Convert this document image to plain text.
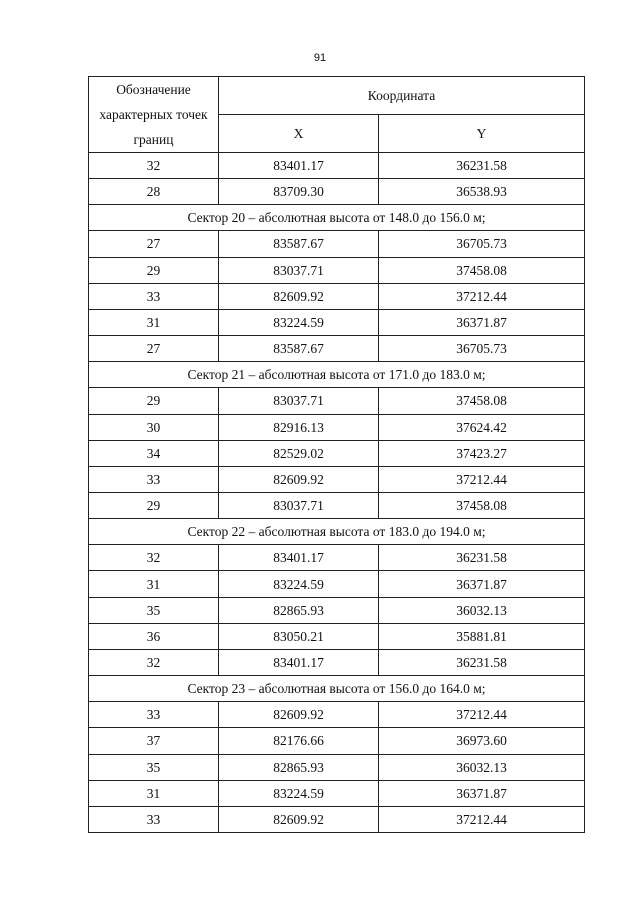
91
Обозначение характерных точек границ	Координата	
	X	Y
32	83401.17	36231.58
28	83709.30	36538.93
Сектор 20 – абсолютная высота от 148.0 до 156.0 м;		
27	83587.67	36705.73
29	83037.71	37458.08
33	82609.92	37212.44
31	83224.59	36371.87
27	83587.67	36705.73
Сектор 21 – абсолютная высота от 171.0 до 183.0 м;		
29	83037.71	37458.08
30	82916.13	37624.42
34	82529.02	37423.27
33	82609.92	37212.44
29	83037.71	37458.08
Сектор 22 – абсолютная высота от 183.0 до 194.0 м;		
32	83401.17	36231.58
31	83224.59	36371.87
35	82865.93	36032.13
36	83050.21	35881.81
32	83401.17	36231.58
Сектор 23 – абсолютная высота от 156.0 до 164.0 м;		
33	82609.92	37212.44
37	82176.66	36973.60
35	82865.93	36032.13
31	83224.59	36371.87
33	82609.92	37212.44
